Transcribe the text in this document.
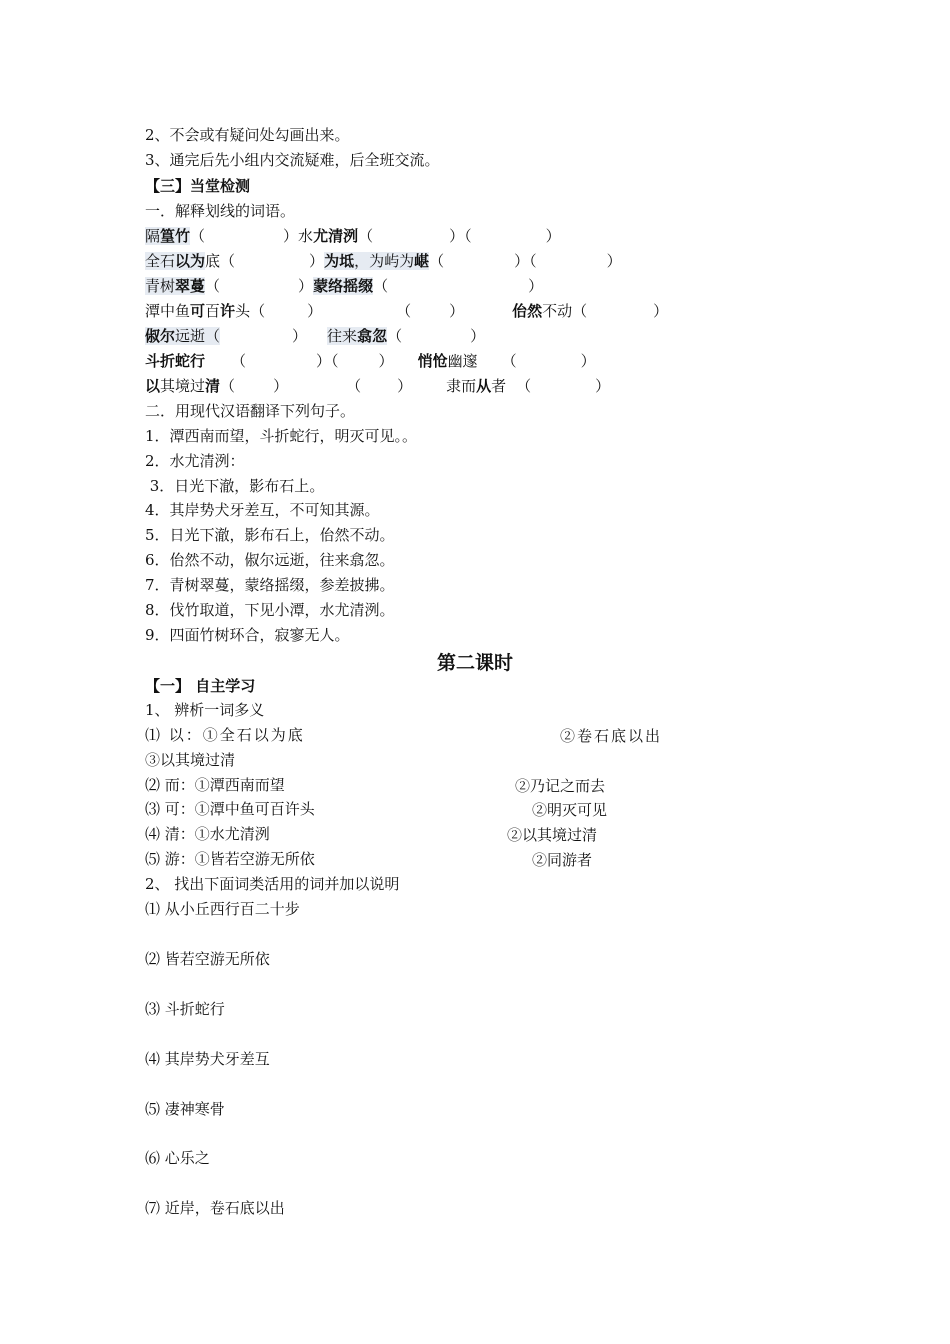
2、不会或有疑问处勾画出来。
3、通完后先小组内交流疑难，后全班交流。
【三】当堂检测
一．解释划线的词语。
隔篁竹（	）水尤清洌（	）（	）
全石以为底（	）为坻，为屿为嵁（	）（	）
青树翠蔓（	）蒙络摇缀（	）
潭中鱼可百许头（	）	（	）	佁然不动（	）
俶尔远逝（	） 往来翕忽（	）
斗折蛇行 （	）（	） 悄怆幽邃 （	）
以其境过清（	）	（ ） 隶而从者 （	）
二．用现代汉语翻译下列句子。
1．潭西南而望，斗折蛇行，明灭可见。。
2．水尤清洌：
3．日光下澈，影布石上。
4．其岸势犬牙差互，不可知其源。
5．日光下澈，影布石上，佁然不动。
6．佁然不动，俶尔远逝，往来翕忽。
7．青树翠蔓，蒙络摇缀，参差披拂。
8．伐竹取道，下见小潭，水尤清洌。
9．四面竹树环合，寂寥无人。
第二课时
【一】 自主学习
1、 辨析一词多义
⑴ 以：①全石以为底	②卷石底以出
③以其境过清
⑵ 而：①潭西南而望	②乃记之而去
⑶ 可：①潭中鱼可百许头	②明灭可见
⑷ 清：①水尤清洌	②以其境过清
⑸ 游：①皆若空游无所依	②同游者
2、 找出下面词类活用的词并加以说明
⑴ 从小丘西行百二十步
⑵ 皆若空游无所依
⑶ 斗折蛇行
⑷ 其岸势犬牙差互
⑸ 凄神寒骨
⑹ 心乐之
⑺ 近岸，卷石底以出
